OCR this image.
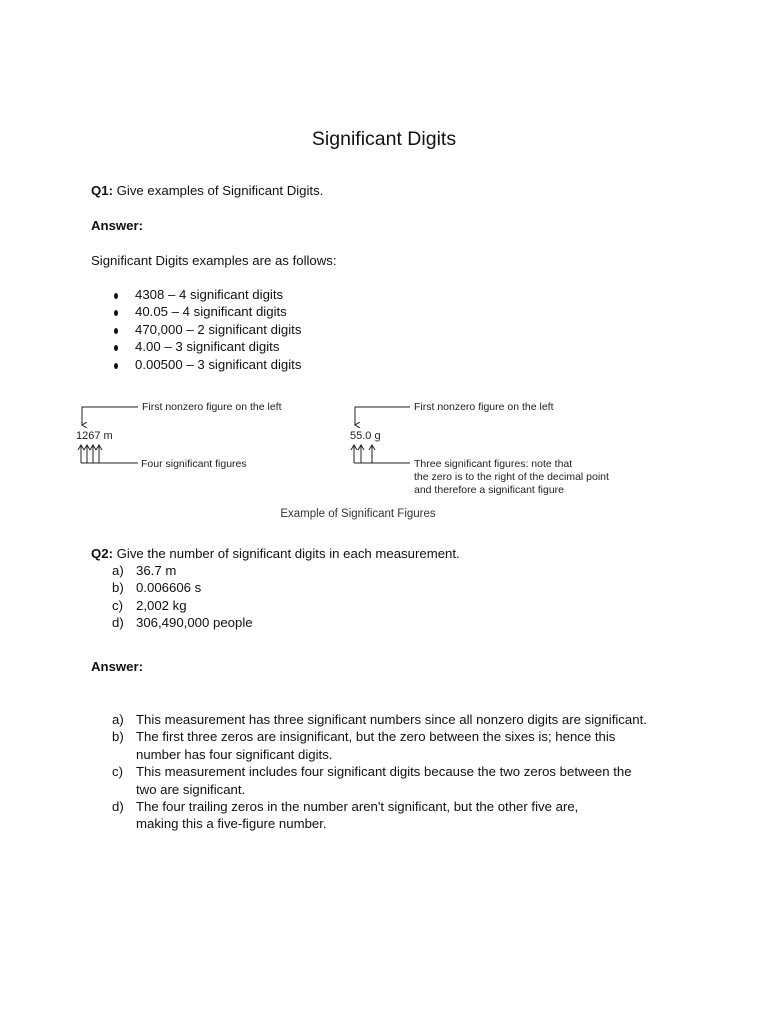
Significant Digits
Q1: Give examples of Significant Digits.
Answer:
Significant Digits examples are as follows:
4308 – 4 significant digits
40.05 – 4 significant digits
470,000 – 2 significant digits
4.00 – 3 significant digits
0.00500 – 3 significant digits
First nonzero figure on the left
1267 m
Four significant figures
First nonzero figure on the left
55.0 g
Three significant figures: note that
the zero is to the right of the decimal point
and therefore a significant figure
Example of Significant Figures
Q2: Give the number of significant digits in each measurement.
a) 36.7 m
b) 0.006606 s
c) 2,002 kg
d) 306,490,000 people
Answer:
a) This measurement has three significant numbers since all nonzero digits are significant.
b) The first three zeros are insignificant, but the zero between the sixes is; hence this
number has four significant digits.
c) This measurement includes four significant digits because the two zeros between the
two are significant.
d) The four trailing zeros in the number aren't significant, but the other five are,
making this a five-figure number.
